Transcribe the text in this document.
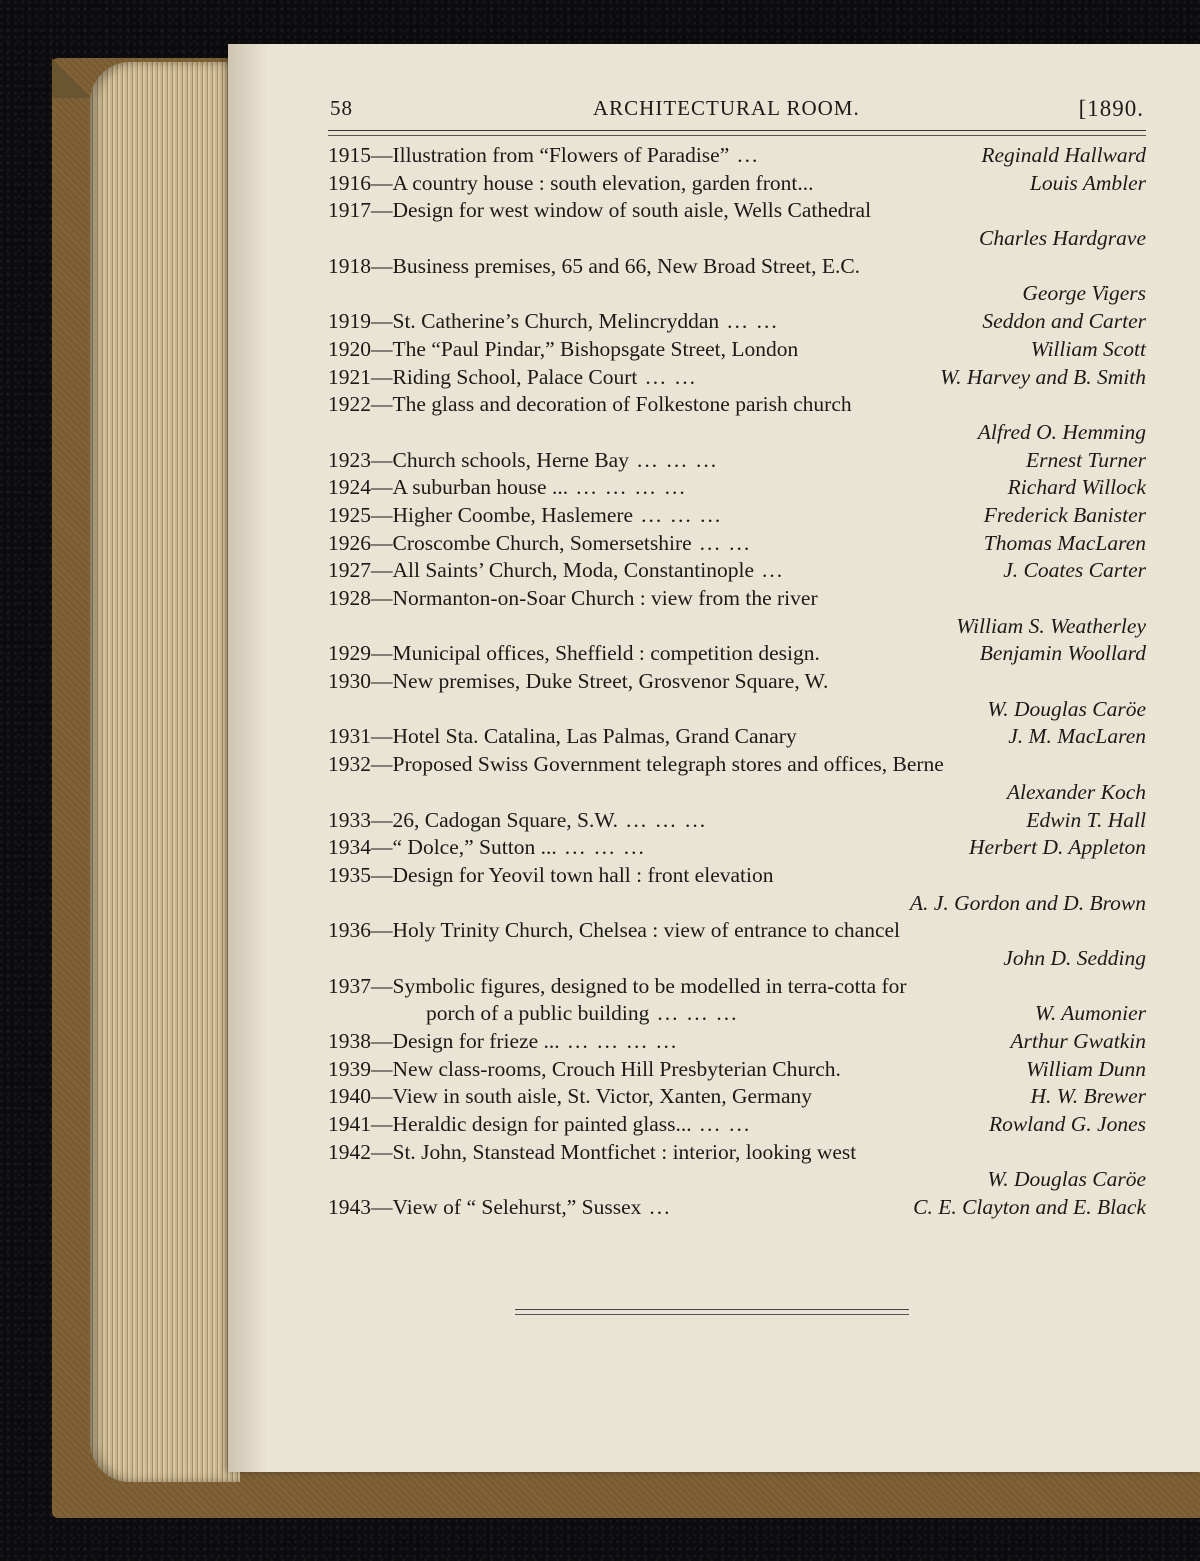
58	ARCHITECTURAL ROOM.	[1890.
1915—Illustration from “Flowers of Paradise” ...	Reginald Hallward
1916—A country house : south elevation, garden front...	Louis Ambler
1917—Design for west window of south aisle, Wells Cathedral
Charles Hardgrave
1918—Business premises, 65 and 66, New Broad Street, E.C.
George Vigers
1919—St. Catherine’s Church, Melincryddan ... ...	Seddon and Carter
1920—The “Paul Pindar,” Bishopsgate Street, London	William Scott
1921—Riding School, Palace Court ... ...	W. Harvey and B. Smith
1922—The glass and decoration of Folkestone parish church
Alfred O. Hemming
1923—Church schools, Herne Bay ... ... ...	Ernest Turner
1924—A suburban house ... ... ... ... ...	Richard Willock
1925—Higher Coombe, Haslemere ... ... ...	Frederick Banister
1926—Croscombe Church, Somersetshire ... ...	Thomas MacLaren
1927—All Saints’ Church, Moda, Constantinople ...	J. Coates Carter
1928—Normanton-on-Soar Church : view from the river
William S. Weatherley
1929—Municipal offices, Sheffield : competition design.	Benjamin Woollard
1930—New premises, Duke Street, Grosvenor Square, W.
W. Douglas Caröe
1931—Hotel Sta. Catalina, Las Palmas, Grand Canary	J. M. MacLaren
1932—Proposed Swiss Government telegraph stores and offices, Berne
Alexander Koch
1933—26, Cadogan Square, S.W. ... ... ...	Edwin T. Hall
1934—“ Dolce,” Sutton ... ... ... ...	Herbert D. Appleton
1935—Design for Yeovil town hall : front elevation
A. J. Gordon and D. Brown
1936—Holy Trinity Church, Chelsea : view of entrance to chancel
John D. Sedding
1937—Symbolic figures, designed to be modelled in terra-cotta for
porch of a public building ... ... ...	W. Aumonier
1938—Design for frieze ... ... ... ... ...	Arthur Gwatkin
1939—New class-rooms, Crouch Hill Presbyterian Church.	William Dunn
1940—View in south aisle, St. Victor, Xanten, Germany	H. W. Brewer
1941—Heraldic design for painted glass... ... ...	Rowland G. Jones
1942—St. John, Stanstead Montfichet : interior, looking west
W. Douglas Caröe
1943—View of “ Selehurst,” Sussex ...	C. E. Clayton and E. Black
